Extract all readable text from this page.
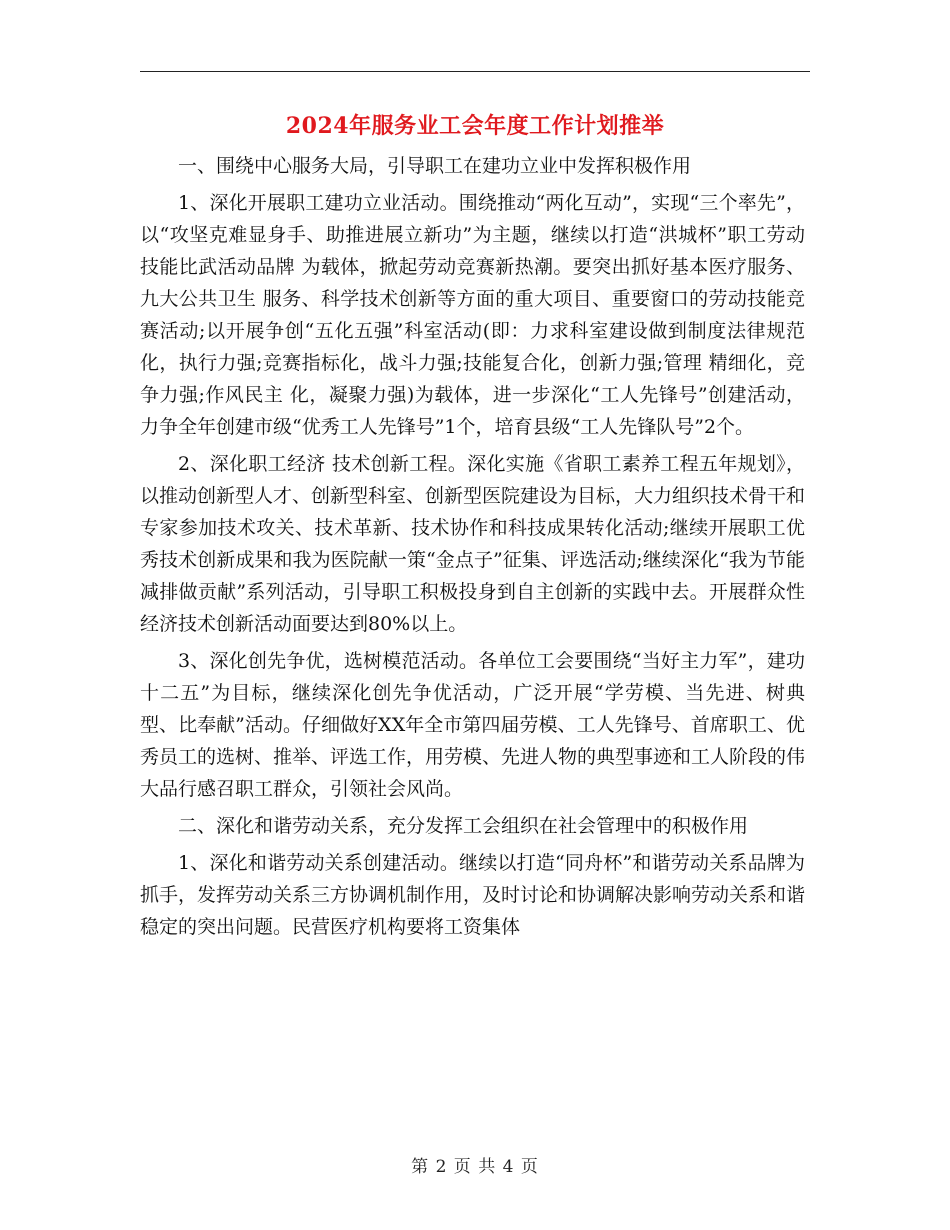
2024年服务业工会年度工作计划推举

一、围绕中心服务大局，引导职工在建功立业中发挥积极作用

1、深化开展职工建功立业活动。围绕推动“两化互动”，实现“三个率先”，以“攻坚克难显身手、助推进展立新功”为主题，继续以打造“洪城杯”职工劳动 技能比武活动品牌 为载体，掀起劳动竞赛新热潮。要突出抓好基本医疗服务、九大公共卫生 服务、科学技术创新等方面的重大项目、重要窗口的劳动技能竞赛活动;以开展争创“五化五强”科室活动(即：力求科室建设做到制度法律规范化，执行力强;竞赛指标化，战斗力强;技能复合化，创新力强;管理 精细化，竞争力强;作风民主 化，凝聚力强)为载体，进一步深化“工人先锋号”创建活动，力争全年创建市级“优秀工人先锋号”1个，培育县级“工人先锋队号”2个。

2、深化职工经济 技术创新工程。深化实施《省职工素养工程五年规划》，以推动创新型人才、创新型科室、创新型医院建设为目标，大力组织技术骨干和专家参加技术攻关、技术革新、技术协作和科技成果转化活动;继续开展职工优秀技术创新成果和我为医院献一策“金点子”征集、评选活动;继续深化“我为节能 减排做贡献”系列活动，引导职工积极投身到自主创新的实践中去。开展群众性经济技术创新活动面要达到80%以上。

3、深化创先争优，选树模范活动。各单位工会要围绕“当好主力军”，建功十二五”为目标，继续深化创先争优活动，广泛开展“学劳模、当先进、树典型、比奉献”活动。仔细做好XX年全市第四届劳模、工人先锋号、首席职工、优秀员工的选树、推举、评选工作，用劳模、先进人物的典型事迹和工人阶段的伟大品行感召职工群众，引领社会风尚。

二、深化和谐劳动关系，充分发挥工会组织在社会管理中的积极作用

1、深化和谐劳动关系创建活动。继续以打造“同舟杯”和谐劳动关系品牌为抓手，发挥劳动关系三方协调机制作用，及时讨论和协调解决影响劳动关系和谐稳定的突出问题。民营医疗机构要将工资集体

第 2 页 共 4 页
